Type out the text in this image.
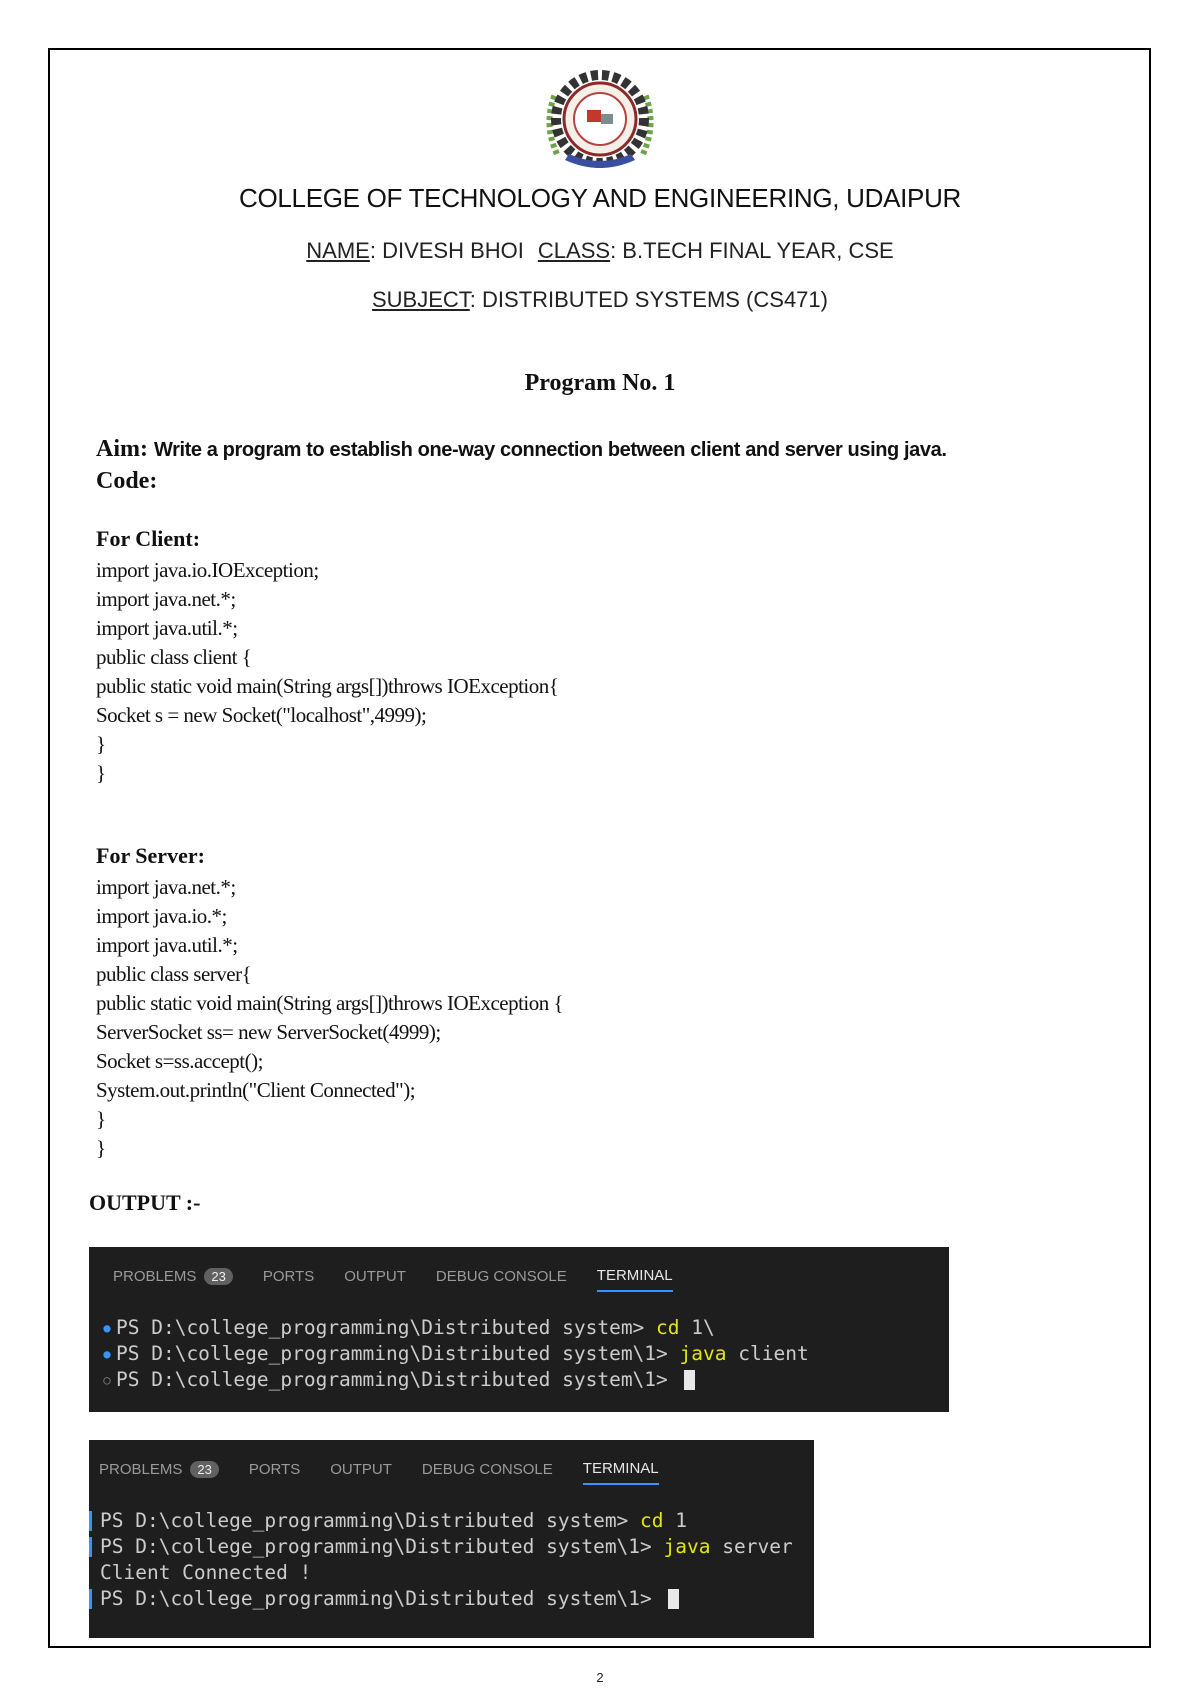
COLLEGE OF TECHNOLOGY AND ENGINEERING, UDAIPUR
NAME: DIVESH BHOI CLASS: B.TECH FINAL YEAR, CSE
SUBJECT: DISTRIBUTED SYSTEMS (CS471)
Program No. 1
Aim: Write a program to establish one-way connection between client and server using java.
Code:
For Client:
import java.io.IOException;
import java.net.*;
import java.util.*;
public class client {
public static void main(String args[])throws IOException{
Socket s = new Socket("localhost",4999);
}
}
For Server:
import java.net.*;
import java.io.*;
import java.util.*;
public class server{
public static void main(String args[])throws IOException {
ServerSocket ss= new ServerSocket(4999);
Socket s=ss.accept();
System.out.println("Client Connected");
}
}
OUTPUT :-
PROBLEMS	23	PORTS OUTPUT DEBUG CONSOLE TERMINAL
● PS D:\college_programming\Distributed system> cd 1\
● PS D:\college_programming\Distributed system\1> java client
○ PS D:\college_programming\Distributed system\1>
PROBLEMS	23	PORTS OUTPUT DEBUG CONSOLE TERMINAL
PS D:\college_programming\Distributed system> cd 1
PS D:\college_programming\Distributed system\1> java server
Client Connected !
PS D:\college_programming\Distributed system\1>
2
